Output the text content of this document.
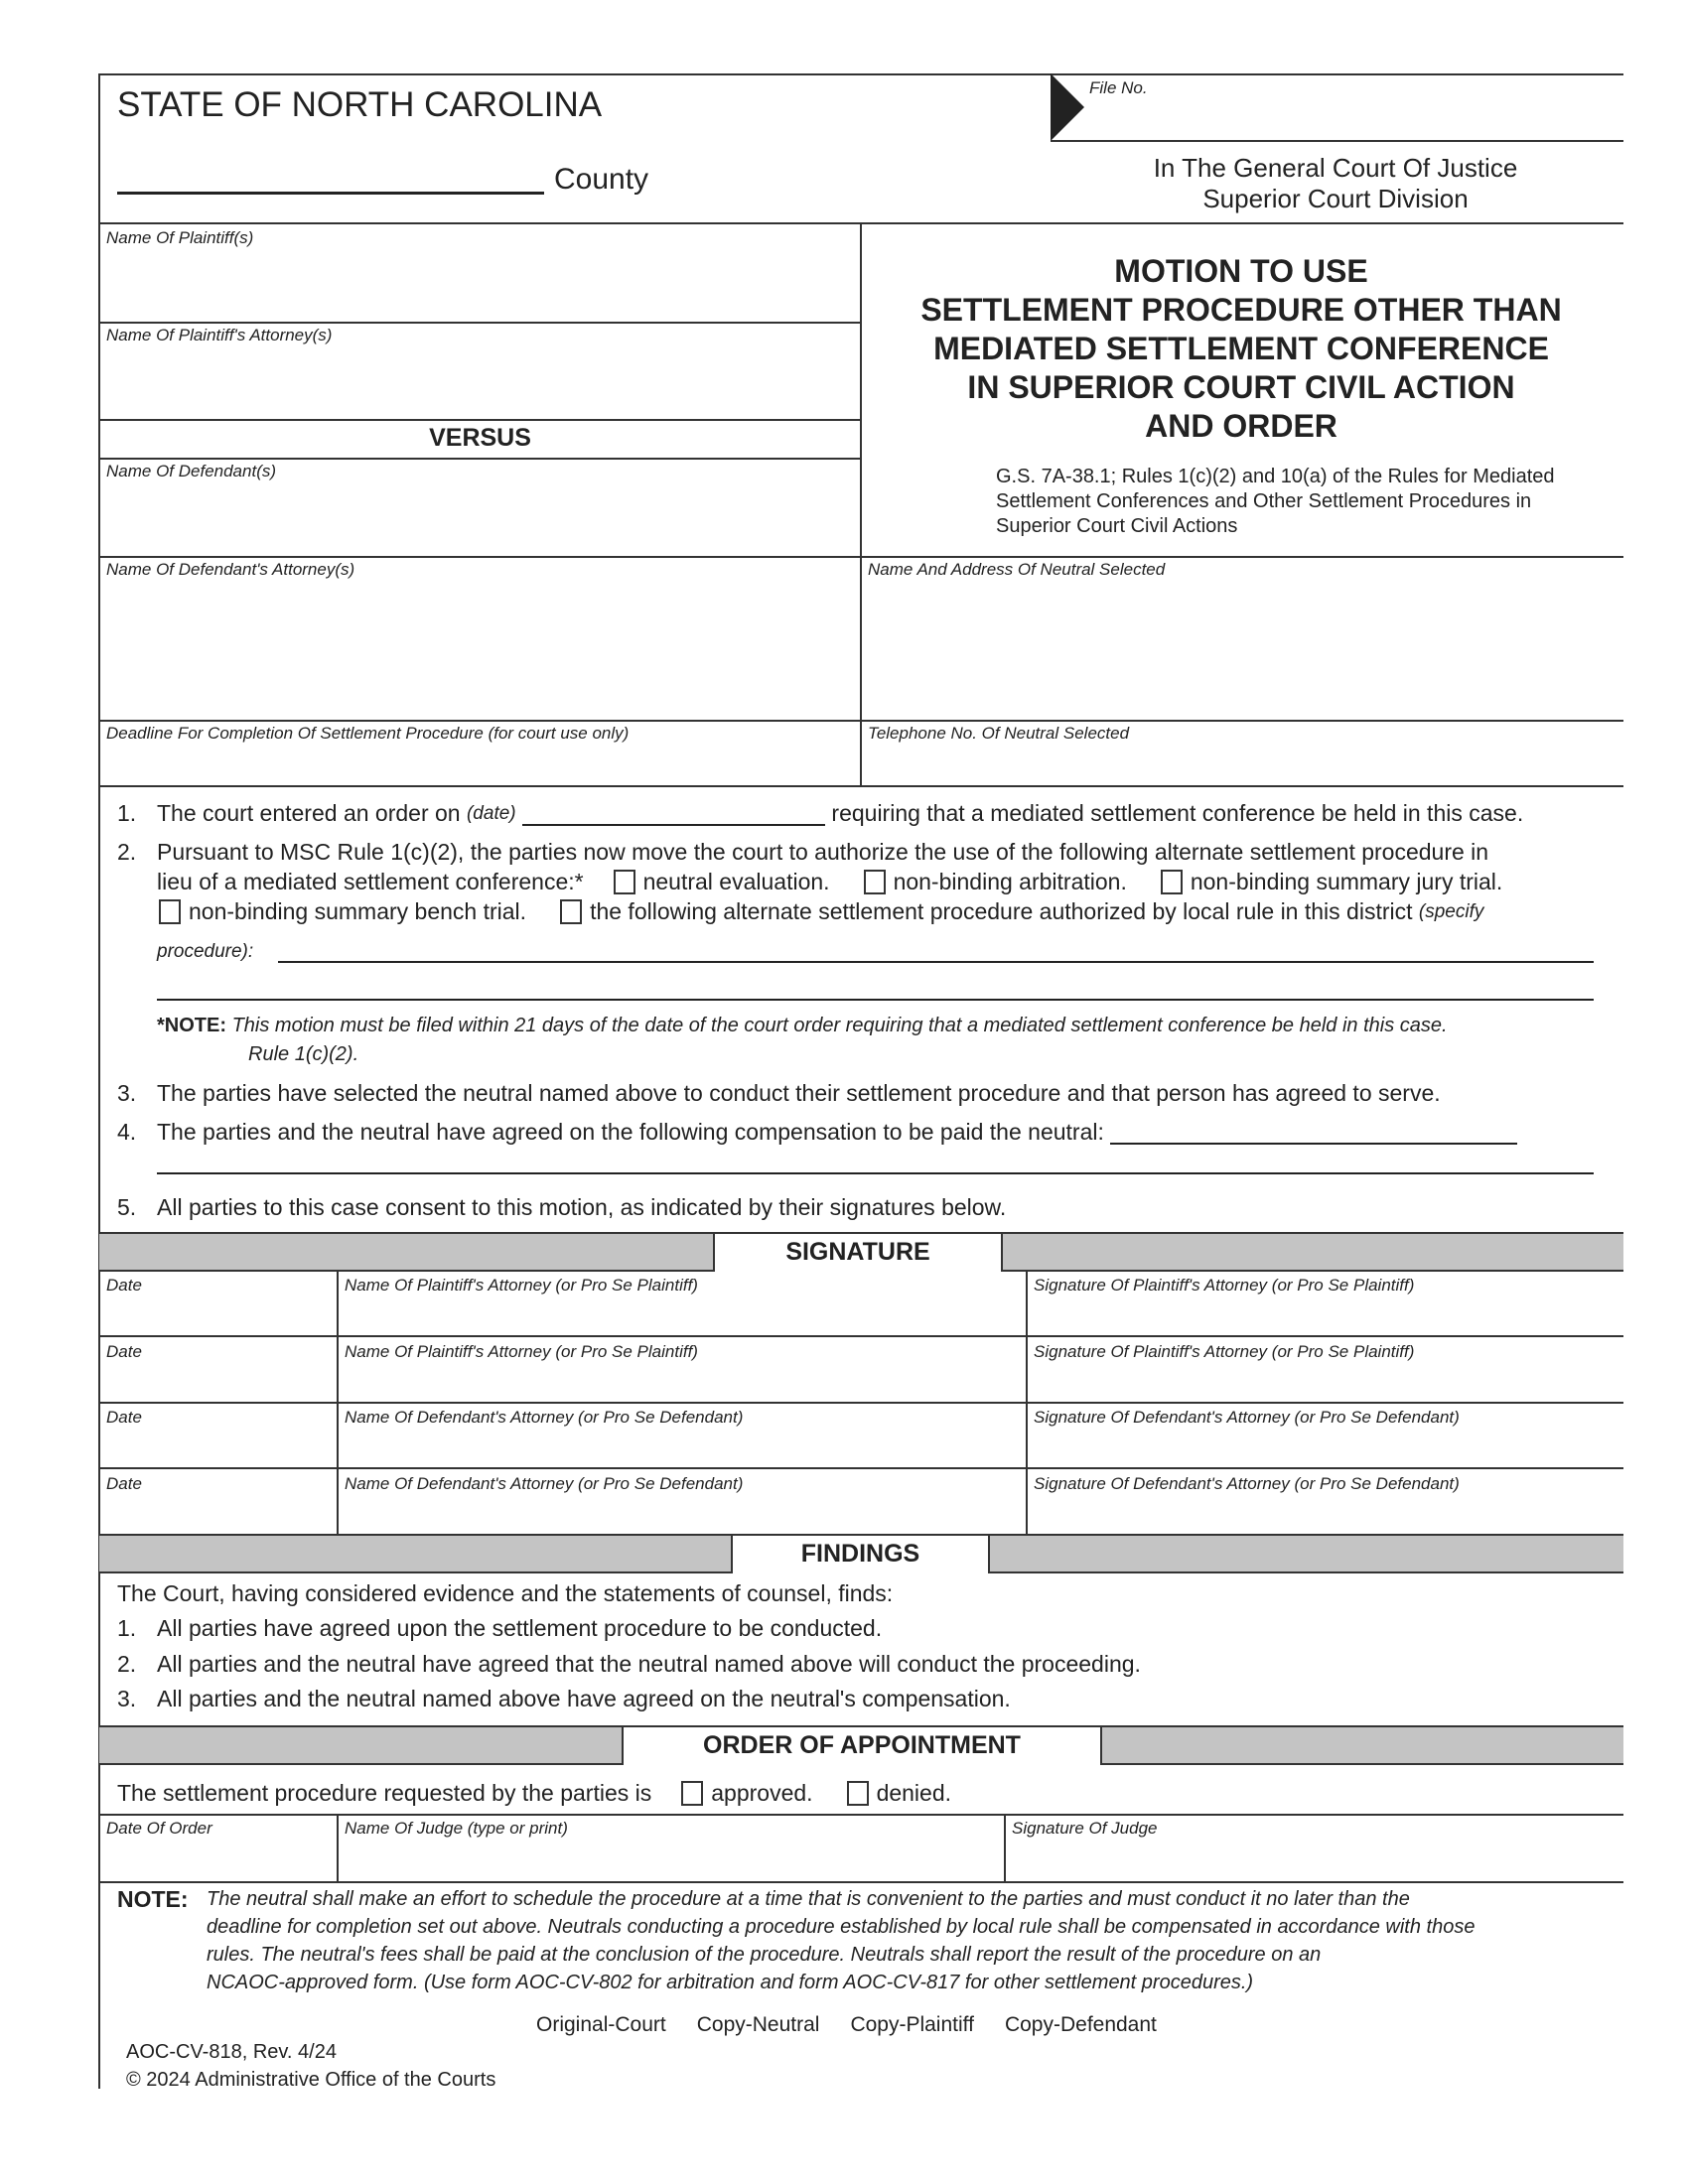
STATE OF NORTH CAROLINA
County
File No.
In The General Court Of Justice
Superior Court Division
MOTION TO USE
SETTLEMENT PROCEDURE OTHER THAN
MEDIATED SETTLEMENT CONFERENCE
IN SUPERIOR COURT CIVIL ACTION
AND ORDER
G.S. 7A-38.1; Rules 1(c)(2) and 10(a) of the Rules for Mediated
Settlement Conferences and Other Settlement Procedures in
Superior Court Civil Actions
Name Of Plaintiff(s)
Name Of Plaintiff's Attorney(s)
VERSUS
Name Of Defendant(s)
Name Of Defendant's Attorney(s)	Name And Address Of Neutral Selected
Deadline For Completion Of Settlement Procedure (for court use only)	Telephone No. Of Neutral Selected
1. The court entered an order on
(date)

	requiring that a mediated settlement conference be held in this case.
2. Pursuant to MSC Rule 1(c)(2), the parties now move the court to authorize the use of the following alternate settlement procedure in
lieu of a mediated settlement conference:*	neutral evaluation.	non-binding arbitration.	non-binding summary jury trial.
non-binding summary bench trial.	the following alternate settlement procedure authorized by local rule in this district
(specify
procedure):
*NOTE: This motion must be filed within 21 days of the date of the court order requiring that a mediated settlement conference be held in this case.
Rule 1(c)(2).
3. The parties have selected the neutral named above to conduct their settlement procedure and that person has agreed to serve.
4. The parties and the neutral have agreed on the following compensation to be paid the neutral:

5. All parties to this case consent to this motion, as indicated by their signatures below.
SIGNATURE
Date	Name Of Plaintiff's Attorney (or Pro Se Plaintiff)	Signature Of Plaintiff's Attorney (or Pro Se Plaintiff)
Date	Name Of Plaintiff's Attorney (or Pro Se Plaintiff)	Signature Of Plaintiff's Attorney (or Pro Se Plaintiff)
Date	Name Of Defendant's Attorney (or Pro Se Defendant)	Signature Of Defendant's Attorney (or Pro Se Defendant)
Date	Name Of Defendant's Attorney (or Pro Se Defendant)	Signature Of Defendant's Attorney (or Pro Se Defendant)
FINDINGS
The Court, having considered evidence and the statements of counsel, finds:
1. All parties have agreed upon the settlement procedure to be conducted.
2. All parties and the neutral have agreed that the neutral named above will conduct the proceeding.
3. All parties and the neutral named above have agreed on the neutral's compensation.
ORDER OF APPOINTMENT
The settlement procedure requested by the parties is	approved.	denied.
Date Of Order	Name Of Judge (type or print)	Signature Of Judge
NOTE: The neutral shall make an effort to schedule the procedure at a time that is convenient to the parties and must conduct it no later than the
deadline for completion set out above. Neutrals conducting a procedure established by local rule shall be compensated in accordance with those
rules. The neutral's fees shall be paid at the conclusion of the procedure. Neutrals shall report the result of the procedure on an
NCAOC-approved form. (Use form AOC-CV-802 for arbitration and form AOC-CV-817 for other settlement procedures.)
Original-Court Copy-Neutral Copy-Plaintiff Copy-Defendant
AOC-CV-818, Rev. 4/24
© 2024 Administrative Office of the Courts
